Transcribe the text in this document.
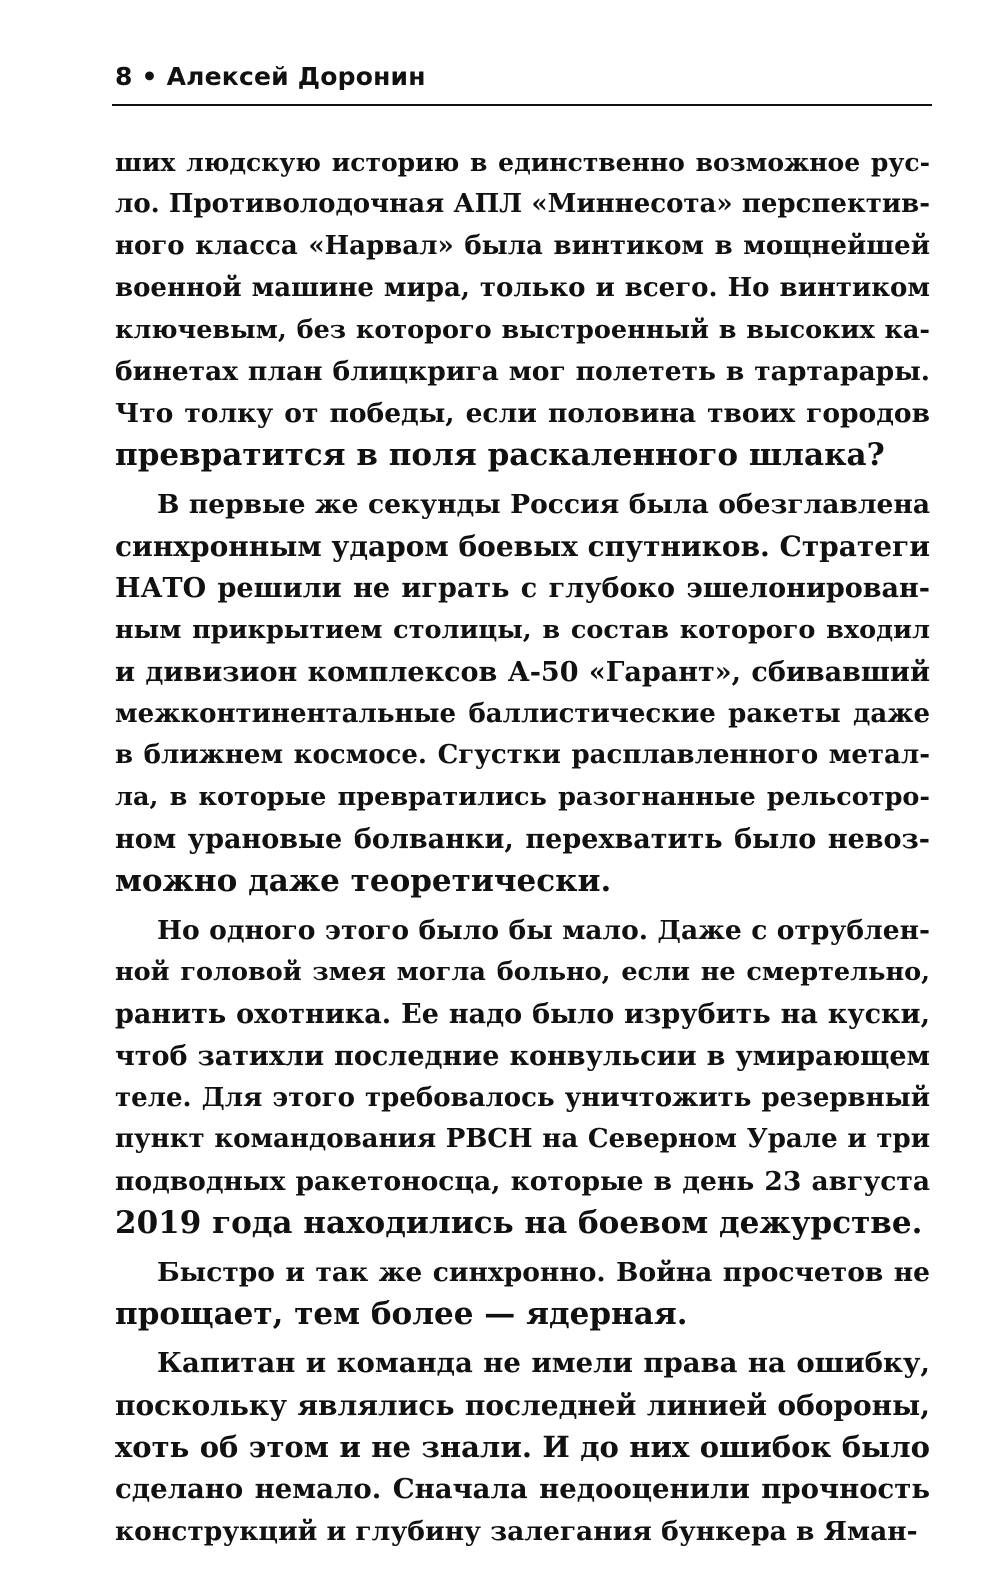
8 • Алексей Доронин
ших людскую историю в единственно возможное рус-
ло. Противолодочная АПЛ «Миннесота» перспектив-
ного класса «Нарвал» была винтиком в мощнейшей
военной машине мира, только и всего. Но винтиком
ключевым, без которого выстроенный в высоких ка-
бинетах план блицкрига мог полететь в тартарары.
Что толку от победы, если половина твоих городов
превратится в поля раскаленного шлака?
В первые же секунды Россия была обезглавлена
синхронным ударом боевых спутников. Стратеги
НАТО решили не играть с глубоко эшелонирован-
ным прикрытием столицы, в состав которого входил
и дивизион комплексов А-50 «Гарант», сбивавший
межконтинентальные баллистические ракеты даже
в ближнем космосе. Сгустки расплавленного метал-
ла, в которые превратились разогнанные рельсотро-
ном урановые болванки, перехватить было невоз-
можно даже теоретически.
Но одного этого было бы мало. Даже с отрублен-
ной головой змея могла больно, если не смертельно,
ранить охотника. Ее надо было изрубить на куски,
чтоб затихли последние конвульсии в умирающем
теле. Для этого требовалось уничтожить резервный
пункт командования РВСН на Северном Урале и три
подводных ракетоносца, которые в день 23 августа
2019 года находились на боевом дежурстве.
Быстро и так же синхронно. Война просчетов не
прощает, тем более — ядерная.
Капитан и команда не имели права на ошибку,
поскольку являлись последней линией обороны,
хоть об этом и не знали. И до них ошибок было
сделано немало. Сначала недооценили прочность
конструкций и глубину залегания бункера в Яман-
